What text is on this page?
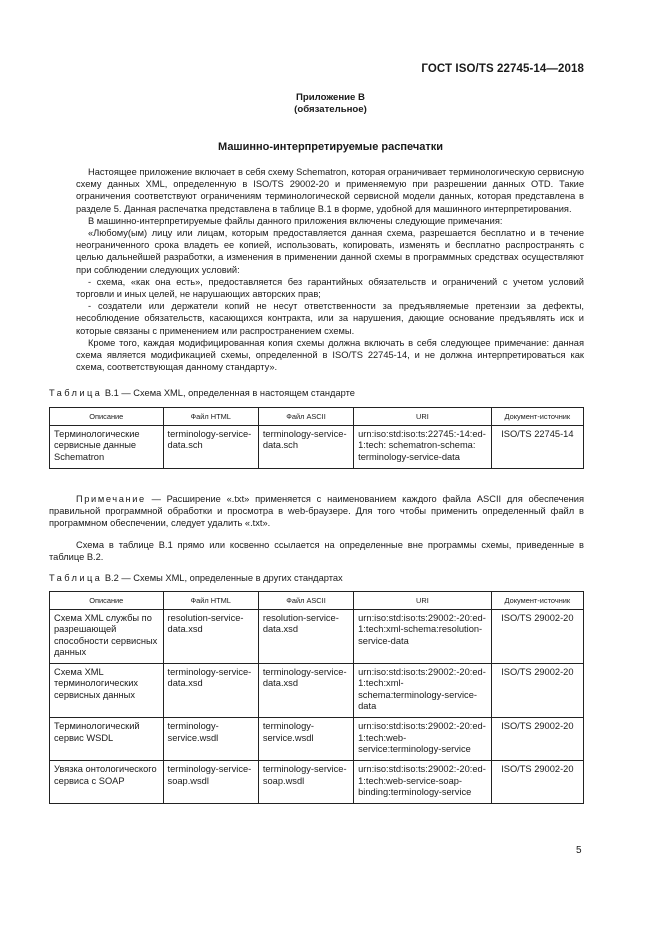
ГОСТ ISO/TS 22745-14—2018
Приложение В
(обязательное)
Машинно-интерпретируемые распечатки

Настоящее приложение включает в себя схему Schematron, которая ограничивает терминологическую сервисную схему данных XML, определенную в ISO/TS 29002-20 и применяемую при разрешении данных OTD. Такие ограничения соответствуют ограничениям терминологической сервисной модели данных, которая представлена в разделе 5. Данная распечатка представлена в таблице В.1 в форме, удобной для машинного интерпретирования.

В машинно-интерпретируемые файлы данного приложения включены следующие примечания:

«Любому(ым) лицу или лицам, которым предоставляется данная схема, разрешается бесплатно и в течение неограниченного срока владеть ее копией, использовать, копировать, изменять и бесплатно распространять с целью дальнейшей разработки, а изменения в применении данной схемы в программных средствах осуществляют при соблюдении следующих условий:

- схема, «как она есть», предоставляется без гарантийных обязательств и ограничений с учетом условий торговли и иных целей, не нарушающих авторских прав;

- создатели или держатели копий не несут ответственности за предъявляемые претензии за дефекты, несоблюдение обязательств, касающихся контракта, или за нарушения, дающие основание предъявлять иск и которые связаны с применением или распространением схемы.

Кроме того, каждая модифицированная копия схемы должна включать в себя следующее примечание: данная схема является модификацией схемы, определенной в ISO/TS 22745-14, и не должна интерпретироваться как схема, соответствующая данному стандарту».

Таблица В.1 — Схема XML, определенная в настоящем стандарте
Описание	Файл HTML	Файл ASCII	URI	Документ-источник
Терминологические сервисные данные Schematron	terminology-service-data.sch	terminology-service-data.sch	urn:iso:std:iso:ts:22745:-14:ed-1:tech: schematron-schema: terminology-service-data	ISO/TS 22745-14

Примечание — Расширение «.txt» применяется с наименованием каждого файла ASCII для обеспечения правильной программной обработки и просмотра в web-браузере. Для того чтобы применить определенный файл в программном обеспечении, следует удалить «.txt».

Схема в таблице В.1 прямо или косвенно ссылается на определенные вне программы схемы, приведенные в таблице В.2.

Таблица В.2 — Схемы XML, определенные в других стандартах
Описание	Файл HTML	Файл ASCII	URI	Документ-источник
Схема XML службы по разрешающей способности сервисных данных	resolution-service-data.xsd	resolution-service-data.xsd	urn:iso:std:iso:ts:29002:-20:ed-1:tech:xml-schema:resolution-service-data	ISO/TS 29002-20
Схема XML терминологических сервисных данных	terminology-service-data.xsd	terminology-service-data.xsd	urn:iso:std:iso:ts:29002:-20:ed-1:tech:xml-schema:terminology-service-data	ISO/TS 29002-20
Терминологический сервис WSDL	terminology-service.wsdl	terminology-service.wsdl	urn:iso:std:iso:ts:29002:-20:ed-1:tech:web-service:terminology-service	ISO/TS 29002-20
Увязка онтологического сервиса с SOAP	terminology-service-soap.wsdl	terminology-service-soap.wsdl	urn:iso:std:iso:ts:29002:-20:ed-1:tech:web-service-soap-binding:terminology-service	ISO/TS 29002-20
5
